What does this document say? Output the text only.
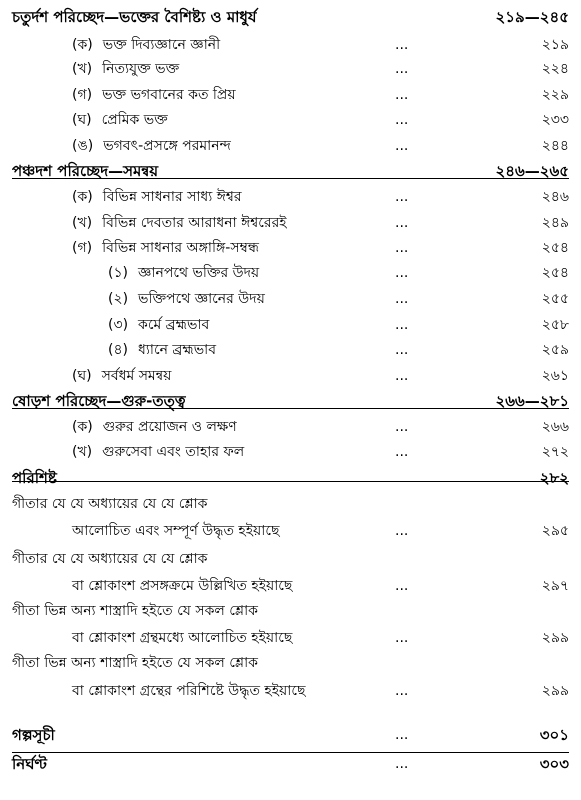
চতুর্দশ পরিচ্ছেদ—ভক্তের বৈশিষ্ট্য ও মাধুর্য	২১৯—২৪৫
(ক) ভক্ত দিব্যজ্ঞানে জ্ঞানী	...	২১৯
(খ) নিত্যযুক্ত ভক্ত	...	২২৪
(গ) ভক্ত ভগবানের কত প্রিয়	...	২২৯
(ঘ) প্রেমিক ভক্ত	...	২৩৩
(ঙ) ভগবৎ-প্রসঙ্গে পরমানন্দ	...	২৪৪
পঞ্চদশ পরিচ্ছেদ—সমন্বয়	২৪৬—২৬৫
(ক) বিভিন্ন সাধনার সাধ্য ঈশ্বর	...	২৪৬
(খ) বিভিন্ন দেবতার আরাধনা ঈশ্বরেরই	...	২৪৯
(গ) বিভিন্ন সাধনার অঙ্গাঙ্গি-সম্বন্ধ	...	২৫৪
(১) জ্ঞানপথে ভক্তির উদয়	...	২৫৪
(২) ভক্তিপথে জ্ঞানের উদয়	...	২৫৫
(৩) কর্মে ব্রহ্মভাব	...	২৫৮
(৪) ধ্যানে ব্রহ্মভাব	...	২৫৯
(ঘ) সর্বধর্ম সমন্বয়	...	২৬১
ষোড়শ পরিচ্ছেদ—গুরু-তত্ত্ব	২৬৬—২৮১
(ক) গুরুর প্রয়োজন ও লক্ষণ	...	২৬৬
(খ) গুরুসেবা এবং তাহার ফল	...	২৭২
পরিশিষ্ট	২৮২
গীতার যে যে অধ্যায়ের যে যে শ্লোক
আলোচিত এবং সম্পূর্ণ উদ্ধৃত হইয়াছে	...	২৯৫
গীতার যে যে অধ্যায়ের যে যে শ্লোক
বা শ্লোকাংশ প্রসঙ্গক্রমে উল্লিখিত হইয়াছে	...	২৯৭
গীতা ভিন্ন অন্য শাস্ত্রাদি হইতে যে সকল শ্লোক
বা শ্লোকাংশ গ্রন্থমধ্যে আলোচিত হইয়াছে	...	২৯৯
গীতা ভিন্ন অন্য শাস্ত্রাদি হইতে যে সকল শ্লোক
বা শ্লোকাংশ গ্রন্থের পরিশিষ্টে উদ্ধৃত হইয়াছে	...	২৯৯
গল্পসূচী	...	৩০১
নির্ঘণ্ট	...	৩০৩
